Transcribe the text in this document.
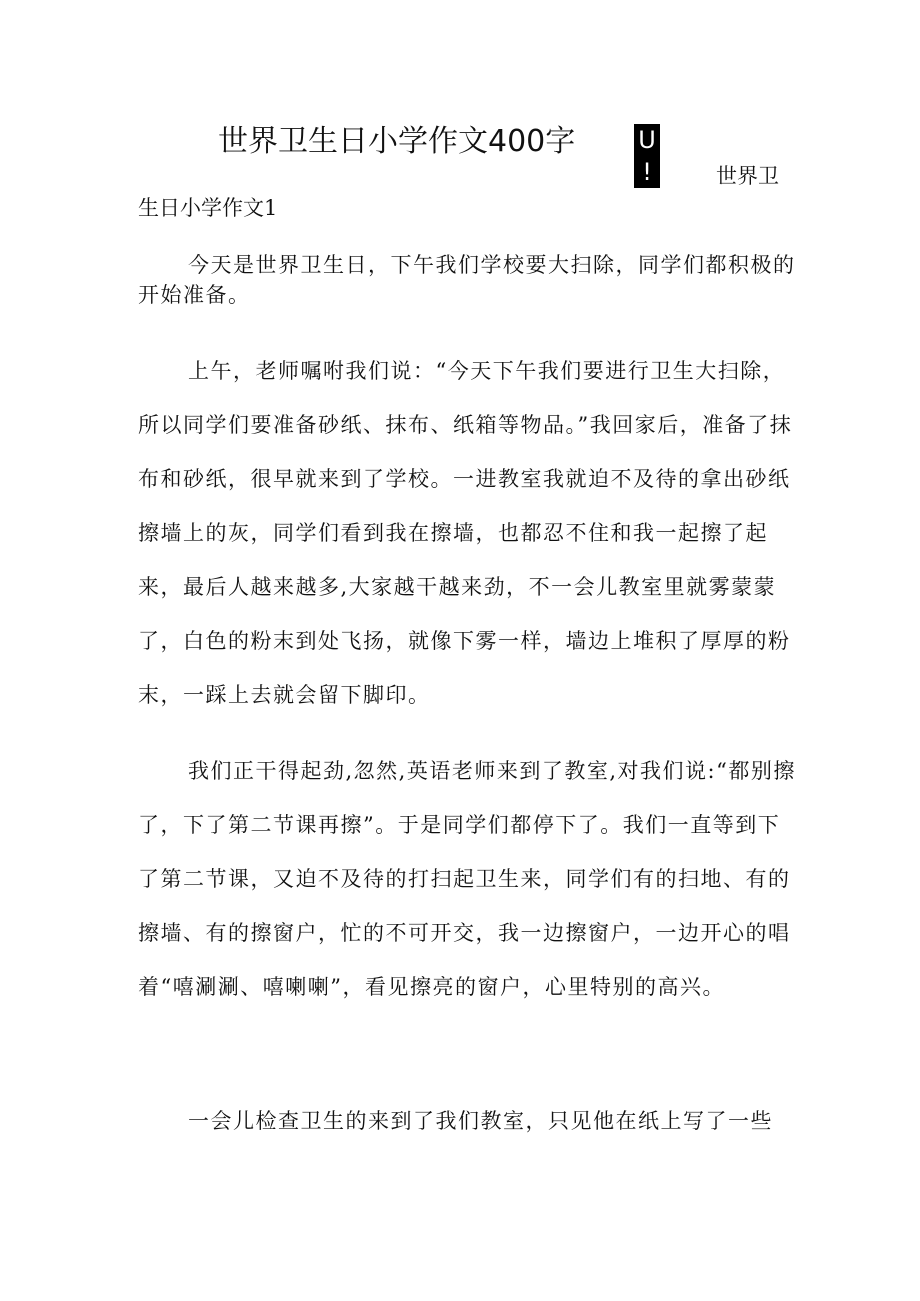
世界卫生日小学作文400字	U
!	世界卫
生日小学作文1

今天是世界卫生日，下午我们学校要大扫除，同学们都积极的开始准备。

上午，老师嘱咐我们说：“今天下午我们要进行卫生大扫除，所以同学们要准备砂纸、抹布、纸箱等物品。”我回家后，准备了抹布和砂纸，很早就来到了学校。一进教室我就迫不及待的拿出砂纸擦墙上的灰，同学们看到我在擦墙，也都忍不住和我一起擦了起来，最后人越来越多,大家越干越来劲，不一会儿教室里就雾蒙蒙了，白色的粉末到处飞扬，就像下雾一样，墙边上堆积了厚厚的粉末，一踩上去就会留下脚印。

我们正干得起劲,忽然,英语老师来到了教室,对我们说:“都别擦了，下了第二节课再擦”。于是同学们都停下了。我们一直等到下了第二节课，又迫不及待的打扫起卫生来，同学们有的扫地、有的擦墙、有的擦窗户，忙的不可开交，我一边擦窗户，一边开心的唱着“嘻涮涮、嘻喇喇”，看见擦亮的窗户，心里特别的高兴。

一会儿检查卫生的来到了我们教室，只见他在纸上写了一些
